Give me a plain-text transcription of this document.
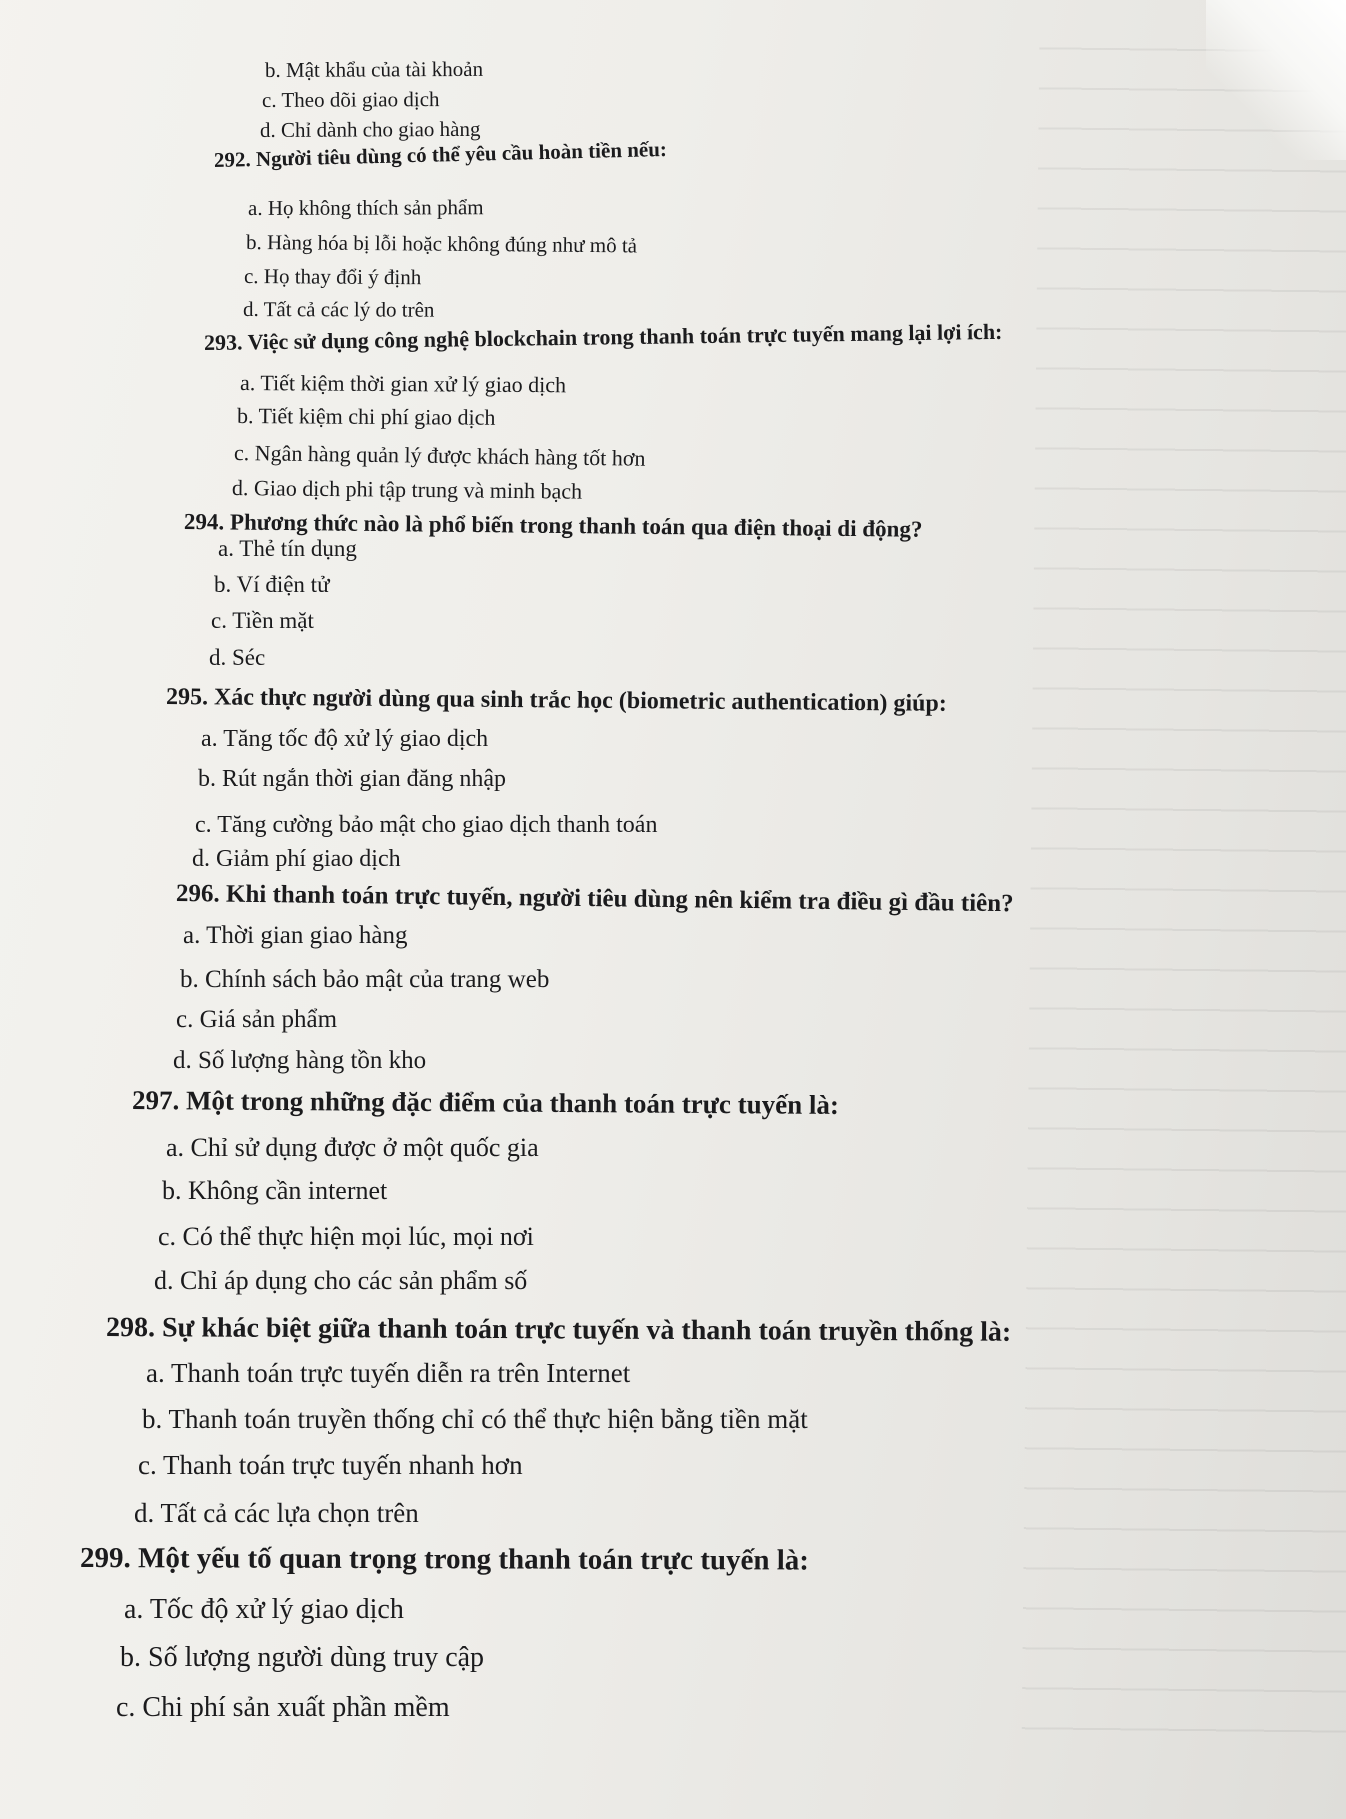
b. Mật khẩu của tài khoản
c. Theo dõi giao dịch
d. Chỉ dành cho giao hàng
292. Người tiêu dùng có thể yêu cầu hoàn tiền nếu:
a. Họ không thích sản phẩm
b. Hàng hóa bị lỗi hoặc không đúng như mô tả
c. Họ thay đổi ý định
d. Tất cả các lý do trên
293. Việc sử dụng công nghệ blockchain trong thanh toán trực tuyến mang lại lợi ích:
a. Tiết kiệm thời gian xử lý giao dịch
b. Tiết kiệm chi phí giao dịch
c. Ngân hàng quản lý được khách hàng tốt hơn
d. Giao dịch phi tập trung và minh bạch
294. Phương thức nào là phổ biến trong thanh toán qua điện thoại di động?
a. Thẻ tín dụng
b. Ví điện tử
c. Tiền mặt
d. Séc
295. Xác thực người dùng qua sinh trắc học (biometric authentication) giúp:
a. Tăng tốc độ xử lý giao dịch
b. Rút ngắn thời gian đăng nhập
c. Tăng cường bảo mật cho giao dịch thanh toán
d. Giảm phí giao dịch
296. Khi thanh toán trực tuyến, người tiêu dùng nên kiểm tra điều gì đầu tiên?
a. Thời gian giao hàng
b. Chính sách bảo mật của trang web
c. Giá sản phẩm
d. Số lượng hàng tồn kho
297. Một trong những đặc điểm của thanh toán trực tuyến là:
a. Chỉ sử dụng được ở một quốc gia
b. Không cần internet
c. Có thể thực hiện mọi lúc, mọi nơi
d. Chỉ áp dụng cho các sản phẩm số
298. Sự khác biệt giữa thanh toán trực tuyến và thanh toán truyền thống là:
a. Thanh toán trực tuyến diễn ra trên Internet
b. Thanh toán truyền thống chỉ có thể thực hiện bằng tiền mặt
c. Thanh toán trực tuyến nhanh hơn
d. Tất cả các lựa chọn trên
299. Một yếu tố quan trọng trong thanh toán trực tuyến là:
a. Tốc độ xử lý giao dịch
b. Số lượng người dùng truy cập
c. Chi phí sản xuất phần mềm
